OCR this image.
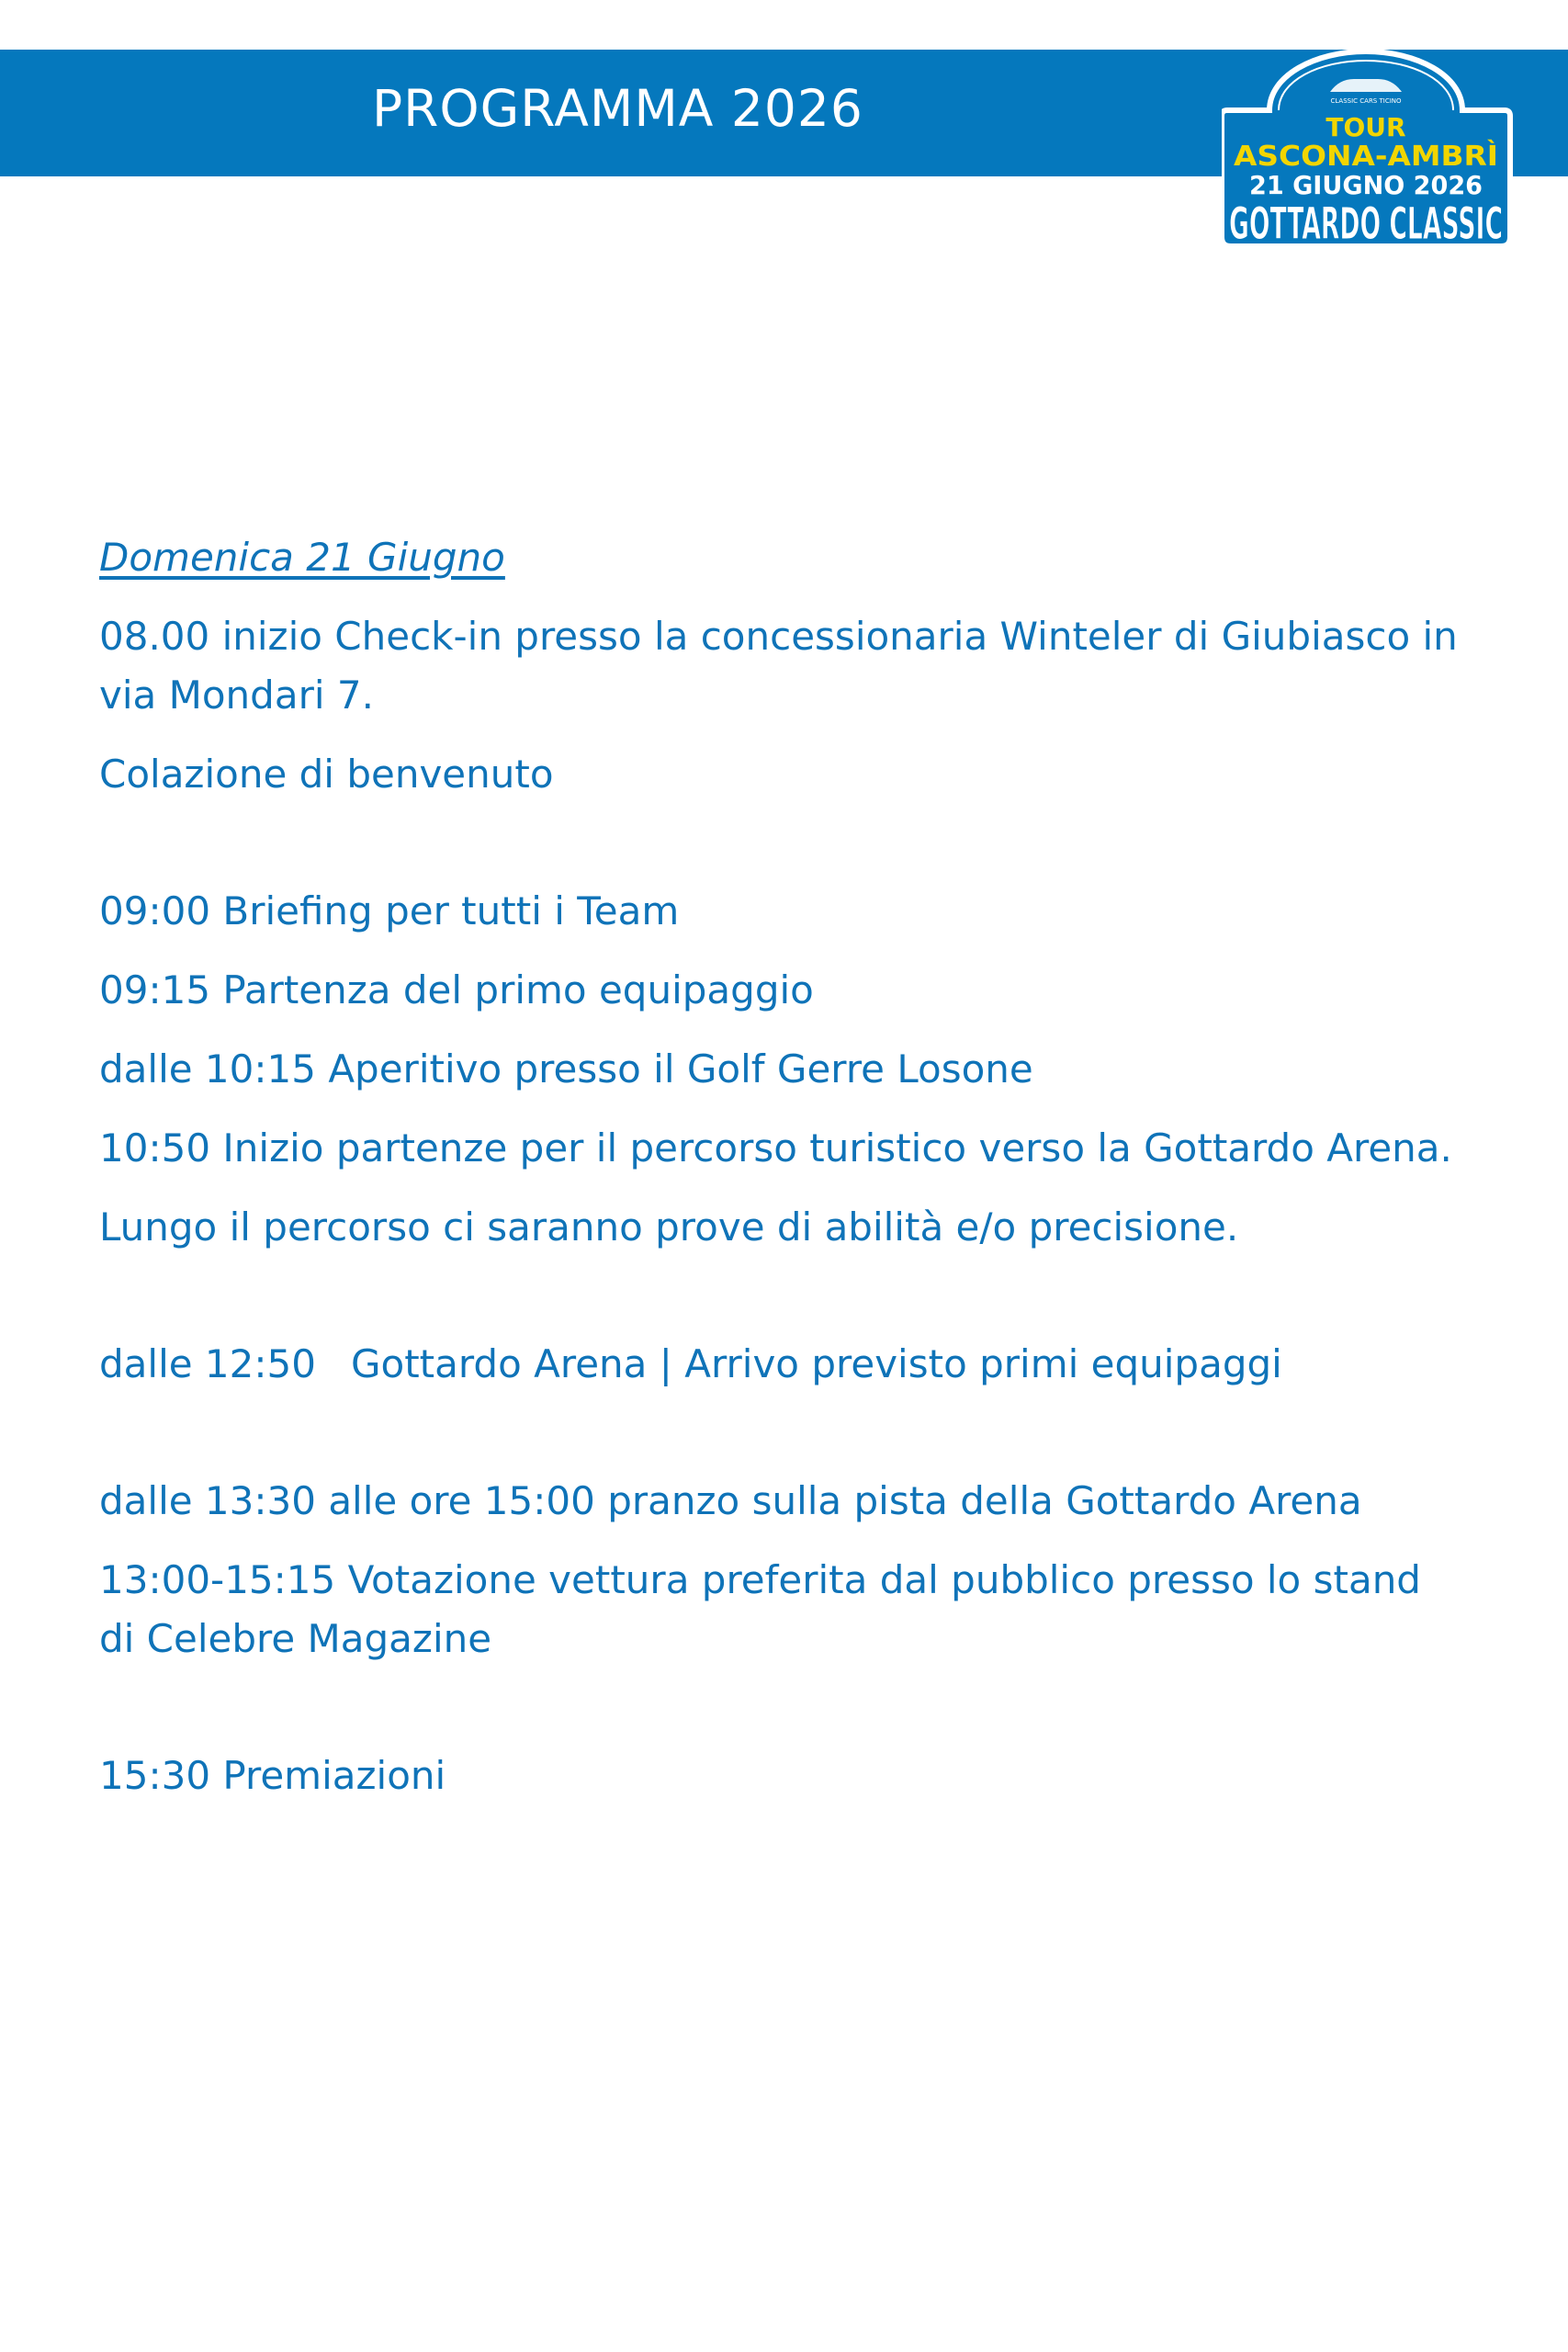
PROGRAMMA 2026	CLASSIC CARS TICINO
TOUR
ASCONA-AMBRÌ
21 GIUGNO 2026
GOTTARDO CLASSIC

Domenica 21 Giugno

08.00 inizio Check-in presso la concessionaria Winteler di Giubiasco in

via Mondari 7.

Colazione di benvenuto

09:00 Briefing per tutti i Team

09:15 Partenza del primo equipaggio

dalle 10:15 Aperitivo presso il Golf Gerre Losone

10:50 Inizio partenze per il percorso turistico verso la Gottardo Arena.

Lungo il percorso ci saranno prove di abilità e/o precisione.

dalle 12:50 Gottardo Arena | Arrivo previsto primi equipaggi

dalle 13:30 alle ore 15:00 pranzo sulla pista della Gottardo Arena

13:00-15:15 Votazione vettura preferita dal pubblico presso lo stand

di Celebre Magazine

15:30 Premiazioni
